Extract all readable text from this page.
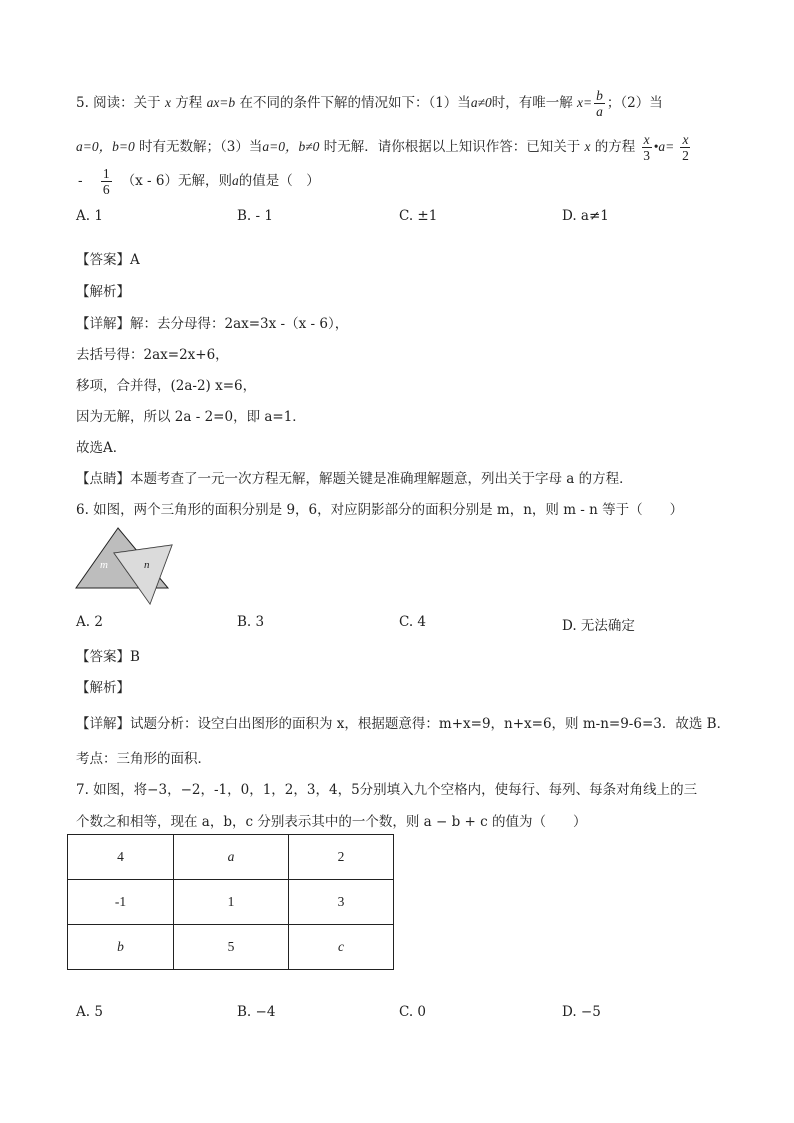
5. 阅读：关于 x 方程 ax=b 在不同的条件下解的情况如下：（1）当a≠0时，有唯一解 $x= \frac{b}{a}$ ；（2）当
a=0，b=0 时有无数解；（3）当a=0，b≠0 时无解．请你根据以上知识作答：已知关于 x 的方程 $\frac{x}{3}$ •a= $\frac{x}{2}$
- $\frac{1}{6} (x - 6)$无解，则a的值是（　）
A. 1	B. - 1	C. ±1	D. a≠1
【答案】A
【解析】
【详解】解：去分母得：2ax=3x -（x - 6），
去括号得：2ax=2x+6，
移项，合并得，(2a-2) x=6，
因为无解，所以 2a - 2=0，即 a=1．
故选A．
【点睛】本题考查了一元一次方程无解，解题关键是准确理解题意，列出关于字母 a 的方程．
6. 如图，两个三角形的面积分别是 9，6，对应阴影部分的面积分别是 m，n，则 m - n 等于（　　）
m	n
A. 2	B. 3	C. 4	D. 无法确定
【答案】B
【解析】
【详解】试题分析：设空白出图形的面积为 x，根据题意得：m+x=9，n+x=6，则 m-n=9-6=3．故选 B．
考点：三角形的面积．
7. 如图，将−3，−2，-1，0，1，2，3，4，5分别填入九个空格内，使每行、每列、每条对角线上的三
个数之和相等，现在 a，b，c 分别表示其中的一个数，则 a − b + c 的值为（　　）
4	a	2
-1	1	3
b	5	c
A. 5	B. −4	C. 0	D. −5
